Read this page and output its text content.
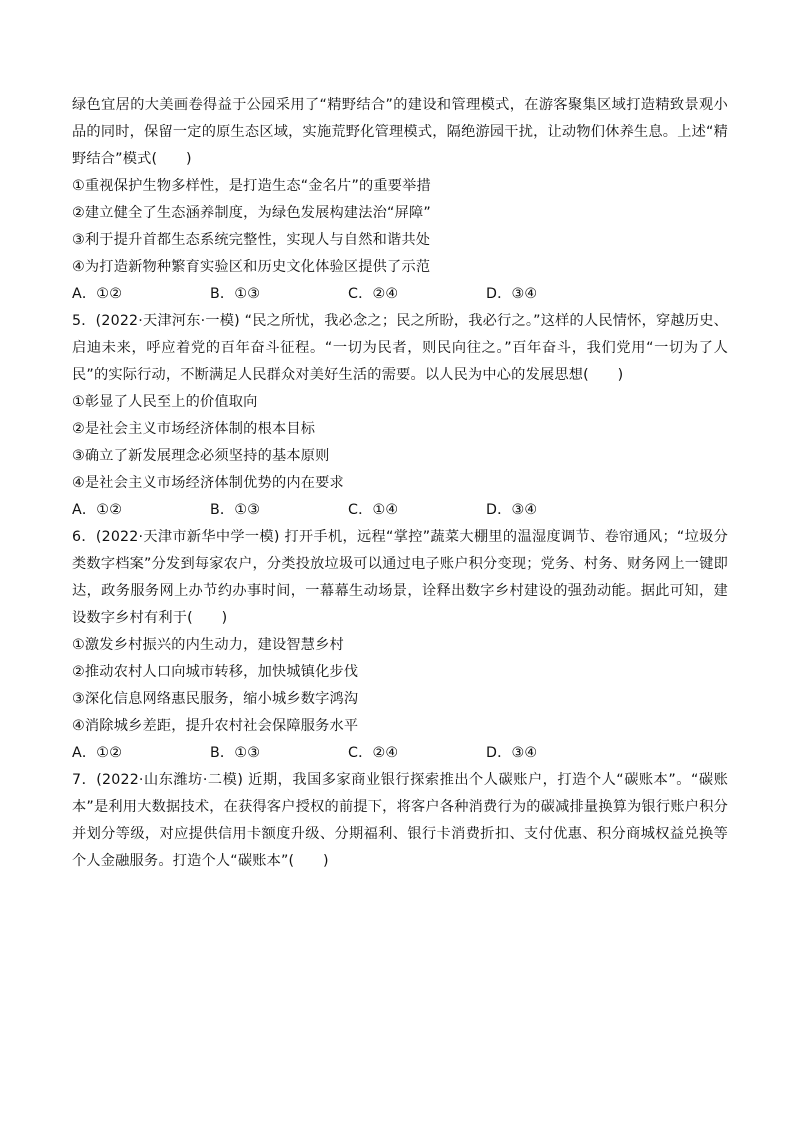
绿色宜居的大美画卷得益于公园采用了“精野结合”的建设和管理模式，在游客聚集区域打造精致景观小品的同时，保留一定的原生态区域，实施荒野化管理模式，隔绝游园干扰，让动物们休养生息。上述“精野结合”模式(　　)

①重视保护生物多样性，是打造生态“金名片”的重要举措

②建立健全了生态涵养制度，为绿色发展构建法治“屏障”

③利于提升首都生态系统完整性，实现人与自然和谐共处

④为打造新物种繁育实验区和历史文化体验区提供了示范

A．①②	B．①③	C．②④	D．③④

5．(2022·天津河东·一模) “民之所忧，我必念之；民之所盼，我必行之。”这样的人民情怀，穿越历史、启迪未来，呼应着党的百年奋斗征程。“一切为民者，则民向往之。”百年奋斗，我们党用“一切为了人民”的实际行动，不断满足人民群众对美好生活的需要。以人民为中心的发展思想(　　)

①彰显了人民至上的价值取向

②是社会主义市场经济体制的根本目标

③确立了新发展理念必须坚持的基本原则

④是社会主义市场经济体制优势的内在要求

A．①②	B．①③	C．①④	D．③④

6．(2022·天津市新华中学一模) 打开手机，远程“掌控”蔬菜大棚里的温湿度调节、卷帘通风；“垃圾分类数字档案”分发到每家农户，分类投放垃圾可以通过电子账户积分变现；党务、村务、财务网上一键即达，政务服务网上办节约办事时间，一幕幕生动场景，诠释出数字乡村建设的强劲动能。据此可知，建设数字乡村有利于(　　)

①激发乡村振兴的内生动力，建设智慧乡村

②推动农村人口向城市转移，加快城镇化步伐

③深化信息网络惠民服务，缩小城乡数字鸿沟

④消除城乡差距，提升农村社会保障服务水平

A．①②	B．①③	C．②④	D．③④

7．(2022·山东潍坊·二模) 近期，我国多家商业银行探索推出个人碳账户，打造个人“碳账本”。“碳账本”是利用大数据技术，在获得客户授权的前提下，将客户各种消费行为的碳减排量换算为银行账户积分并划分等级，对应提供信用卡额度升级、分期福利、银行卡消费折扣、支付优惠、积分商城权益兑换等个人金融服务。打造个人“碳账本”(　　)
